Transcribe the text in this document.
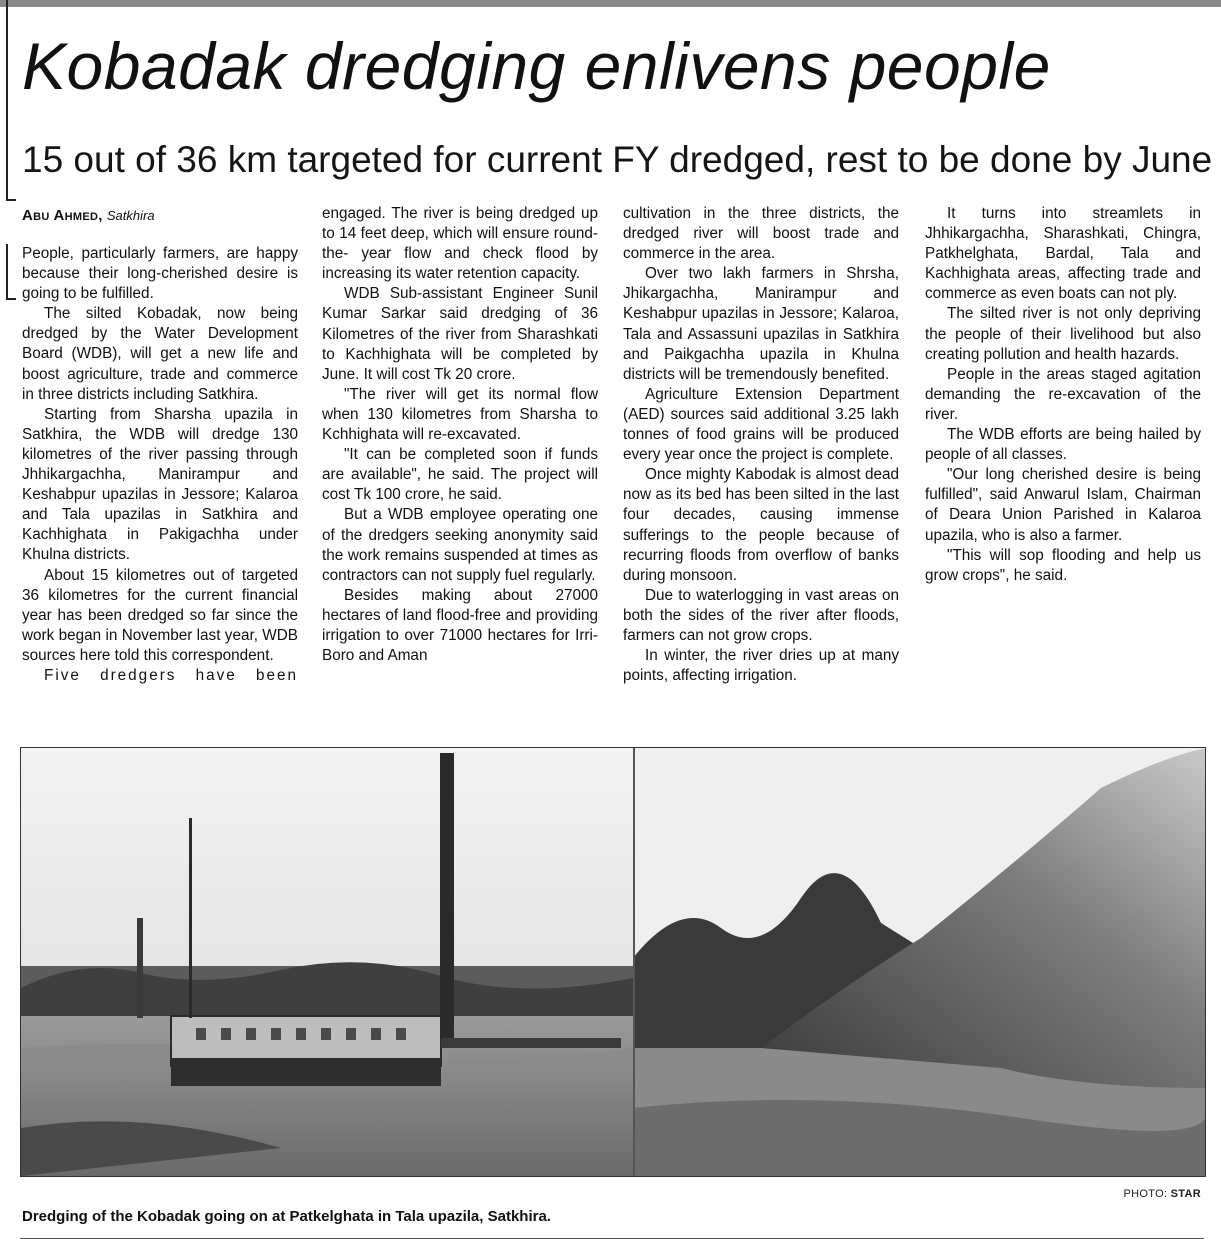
Kobadak dredging enlivens people
15 out of 36 km targeted for current FY dredged, rest to be done by June
Abu Ahmed, Satkhira

People, particularly farmers, are happy because their long-cherished desire is going to be fulfilled.

The silted Kobadak, now being dredged by the Water Development Board (WDB), will get a new life and boost agriculture, trade and commerce in three districts including Satkhira.

Starting from Sharsha upazila in Satkhira, the WDB will dredge 130 kilometres of the river passing through Jhhikargachha, Manirampur and Keshabpur upazilas in Jessore; Kalaroa and Tala upazilas in Satkhira and Kachhighata in Pakigachha under Khulna districts.

About 15 kilometres out of targeted 36 kilometres for the current financial year has been dredged so far since the work began in November last year, WDB sources here told this correspondent.

Five dredgers have been

engaged. The river is being dredged up to 14 feet deep, which will ensure round-the- year flow and check flood by increasing its water retention capacity.

WDB Sub-assistant Engineer Sunil Kumar Sarkar said dredging of 36 Kilometres of the river from Sharashkati to Kachhighata will be completed by June. It will cost Tk 20 crore.

"The river will get its normal flow when 130 kilometres from Sharsha to Kchhighata will re-excavated.

"It can be completed soon if funds are available", he said. The project will cost Tk 100 crore, he said.

But a WDB employee operating one of the dredgers seeking anonymity said the work remains suspended at times as contractors can not supply fuel regularly.

Besides making about 27000 hectares of land flood-free and providing irrigation to over 71000 hectares for Irri-Boro and Aman

cultivation in the three districts, the dredged river will boost trade and commerce in the area.

Over two lakh farmers in Shrsha, Jhikargachha, Manirampur and Keshabpur upazilas in Jessore; Kalaroa, Tala and Assassuni upazilas in Satkhira and Paikgachha upazila in Khulna districts will be tremendously benefited.

Agriculture Extension Department (AED) sources said additional 3.25 lakh tonnes of food grains will be produced every year once the project is complete.

Once mighty Kabodak is almost dead now as its bed has been silted in the last four decades, causing immense sufferings to the people because of recurring floods from overflow of banks during monsoon.

Due to waterlogging in vast areas on both the sides of the river after floods, farmers can not grow crops.

In winter, the river dries up at many points, affecting irrigation.

It turns into streamlets in Jhhikargachha, Sharashkati, Chingra, Patkhelghata, Bardal, Tala and Kachhighata areas, affecting trade and commerce as even boats can not ply.

The silted river is not only depriving the people of their livelihood but also creating pollution and health hazards.

People in the areas staged agitation demanding the re-excavation of the river.

The WDB efforts are being hailed by people of all classes.

"Our long cherished desire is being fulfilled", said Anwarul Islam, Chairman of Deara Union Parished in Kalaroa upazila, who is also a farmer.

"This will sop flooding and help us grow crops", he said.

PHOTO: STAR
Dredging of the Kobadak going on at Patkelghata in Tala upazila, Satkhira.
